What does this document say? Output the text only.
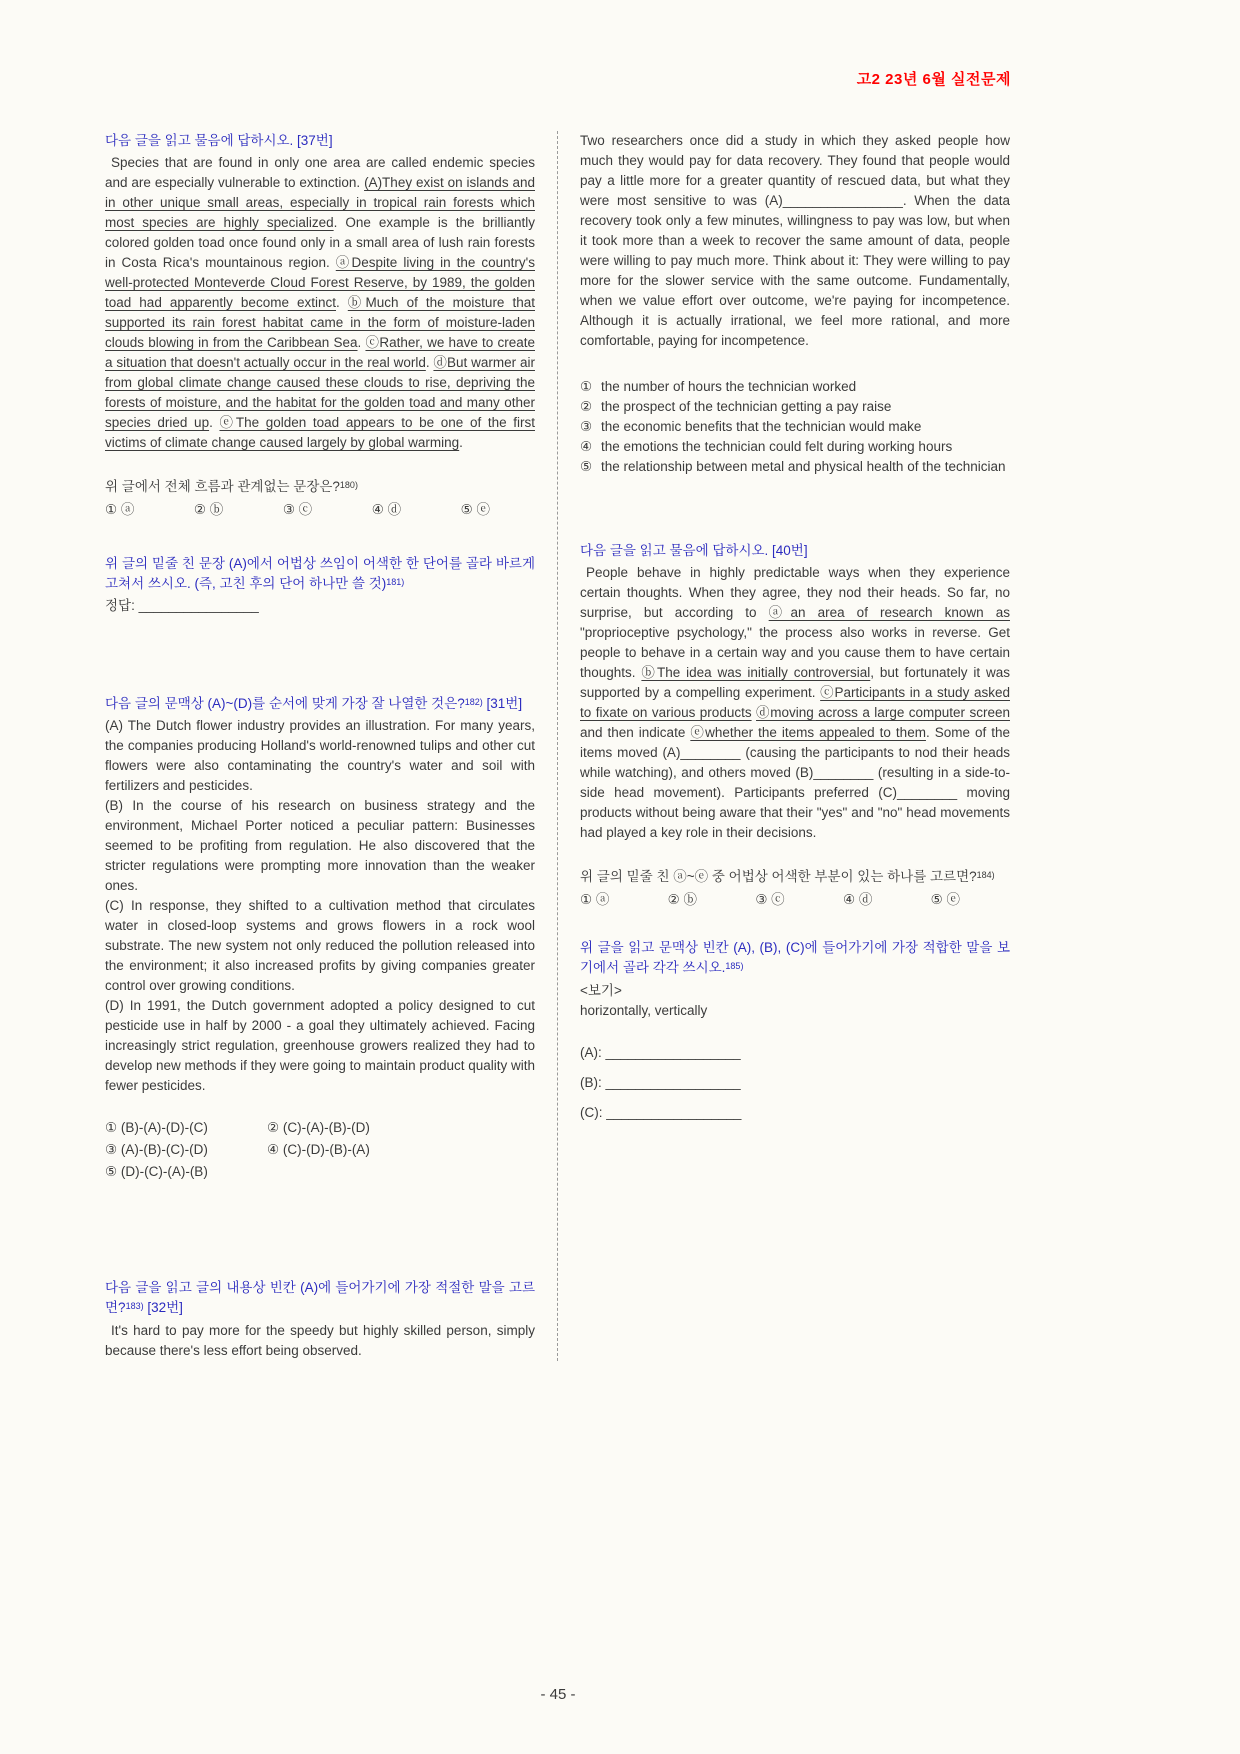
고2 23년 6월 실전문제

다음 글을 읽고 물음에 답하시오. [37번]

Species that are found in only one area are called endemic species and are especially vulnerable to extinction. (A)They exist on islands and in other unique small areas, especially in tropical rain forests which most species are highly specialized. One example is the brilliantly colored golden toad once found only in a small area of lush rain forests in Costa Rica's mountainous region. ⓐDespite living in the country's well-protected Monteverde Cloud Forest Reserve, by 1989, the golden toad had apparently become extinct. ⓑMuch of the moisture that supported its rain forest habitat came in the form of moisture-laden clouds blowing in from the Caribbean Sea. ⓒRather, we have to create a situation that doesn't actually occur in the real world. ⓓBut warmer air from global climate change caused these clouds to rise, depriving the forests of moisture, and the habitat for the golden toad and many other species dried up. ⓔThe golden toad appears to be one of the first victims of climate change caused largely by global warming.

위 글에서 전체 흐름과 관계없는 문장은?$^{180)}$

① ⓐ	② ⓑ	③ ⓒ	④ ⓓ	⑤ ⓔ

위 글의 밑줄 친 문장 (A)에서 어법상 쓰임이 어색한 한 단어를 골라 바르게 고쳐서 쓰시오. (즉, 고친 후의 단어 하나만 쓸 것)$^{181)}$

정답: ________________

다음 글의 문맥상 (A)~(D)를 순서에 맞게 가장 잘 나열한 것은?$^{182)}$ [31번]

(A) The Dutch flower industry provides an illustration. For many years, the companies producing Holland's world-renowned tulips and other cut flowers were also contaminating the country's water and soil with fertilizers and pesticides.

(B) In the course of his research on business strategy and the environment, Michael Porter noticed a peculiar pattern: Businesses seemed to be profiting from regulation. He also discovered that the stricter regulations were prompting more innovation than the weaker ones.

(C) In response, they shifted to a cultivation method that circulates water in closed-loop systems and grows flowers in a rock wool substrate. The new system not only reduced the pollution released into the environment; it also increased profits by giving companies greater control over growing conditions.

(D) In 1991, the Dutch government adopted a policy designed to cut pesticide use in half by 2000 - a goal they ultimately achieved. Facing increasingly strict regulation, greenhouse growers realized they had to develop new methods if they were going to maintain product quality with fewer pesticides.

① (B)-(A)-(D)-(C)	② (C)-(A)-(B)-(D)
③ (A)-(B)-(C)-(D)	④ (C)-(D)-(B)-(A)
⑤ (D)-(C)-(A)-(B)

다음 글을 읽고 글의 내용상 빈칸 (A)에 들어가기에 가장 적절한 말을 고르면?$^{183)}$ [32번]

It's hard to pay more for the speedy but highly skilled person, simply because there's less effort being observed.

Two researchers once did a study in which they asked people how much they would pay for data recovery. They found that people would pay a little more for a greater quantity of rescued data, but what they were most sensitive to was (A)________________. When the data recovery took only a few minutes, willingness to pay was low, but when it took more than a week to recover the same amount of data, people were willing to pay much more. Think about it: They were willing to pay more for the slower service with the same outcome. Fundamentally, when we value effort over outcome, we're paying for incompetence. Although it is actually irrational, we feel more rational, and more comfortable, paying for incompetence.

① the number of hours the technician worked
② the prospect of the technician getting a pay raise
③ the economic benefits that the technician would make
④ the emotions the technician could felt during working hours
⑤ the relationship between metal and physical health of the technician

다음 글을 읽고 물음에 답하시오. [40번]

People behave in highly predictable ways when they experience certain thoughts. When they agree, they nod their heads. So far, no surprise, but according to ⓐan area of research known as "proprioceptive psychology," the process also works in reverse. Get people to behave in a certain way and you cause them to have certain thoughts. ⓑThe idea was initially controversial, but fortunately it was supported by a compelling experiment. ⓒParticipants in a study asked to fixate on various products ⓓmoving across a large computer screen and then indicate ⓔwhether the items appealed to them. Some of the items moved (A)________ (causing the participants to nod their heads while watching), and others moved (B)________ (resulting in a side-to-side head movement). Participants preferred (C)________ moving products without being aware that their "yes" and "no" head movements had played a key role in their decisions.

위 글의 밑줄 친 ⓐ~ⓔ 중 어법상 어색한 부분이 있는 하나를 고르면?$^{184)}$

① ⓐ	② ⓑ	③ ⓒ	④ ⓓ	⑤ ⓔ

위 글을 읽고 문맥상 빈칸 (A), (B), (C)에 들어가기에 가장 적합한 말을 보기에서 골라 각각 쓰시오.$^{185)}$

<보기>

horizontally, vertically

(A): __________________

(B): __________________

(C): __________________

- 45 -
